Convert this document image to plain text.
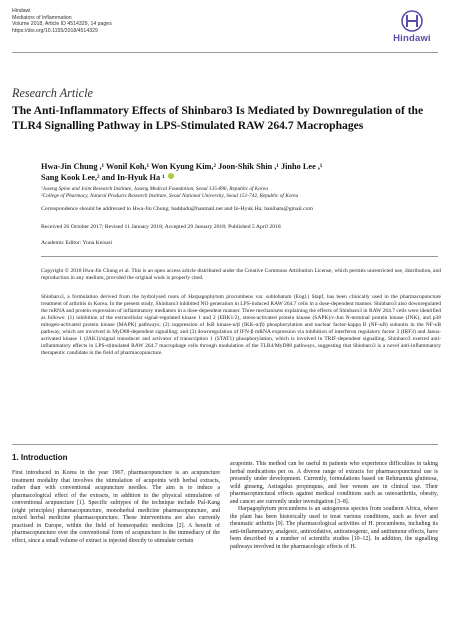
Hindawi
Mediators of Inflammation
Volume 2018, Article ID 4514329, 14 pages
https://doi.org/10.1155/2018/4514329
Hindawi
Research Article
The Anti-Inflammatory Effects of Shinbaro3 Is Mediated by Downregulation of the TLR4 Signalling Pathway in LPS-Stimulated RAW 264.7 Macrophages
Hwa-Jin Chung ,¹ Wonil Koh,¹ Won Kyung Kim,² Joon-Shik Shin ,¹ Jinho Lee ,¹
Sang Kook Lee,² and In-Hyuk Ha ¹
¹Jaseng Spine and Joint Research Institute, Jaseng Medical Foundation, Seoul 135-896, Republic of Korea
²College of Pharmacy, Natural Products Research Institute, Seoul National University, Seoul 151-742, Republic of Korea
Correspondence should be addressed to Hwa-Jin Chung; baddudu@hanmail.net and In-Hyuk Ha; hanihata@gmail.com
Received 26 October 2017; Revised 11 January 2018; Accepted 29 January 2018; Published 5 April 2018
Academic Editor: Yona Keisari
Copyright © 2018 Hwa-Jin Chung et al. This is an open access article distributed under the Creative Commons Attribution License, which permits unrestricted use, distribution, and reproduction in any medium, provided the original work is properly cited.
Shinbaro3, a formulation derived from the hydrolysed roots of Harpagophytum procumbens var. sublobatum (Engl.) Stapf, has been clinically used in the pharmacopuncture treatment of arthritis in Korea. In the present study, Shinbaro3 inhibited NO generation in LPS-induced RAW 264.7 cells in a dose-dependent manner. Shinbaro3 also downregulated the mRNA and protein expression of inflammatory mediators in a dose-dependent manner. Three mechanisms explaining the effects of Shinbaro3 in RAW 264.7 cells were identified as follows: (1) inhibition of the extracellular signal-regulated kinase 1 and 2 (ERK1/2), stress-activated protein kinase (SAPK)/c-Jun N-terminal protein kinase (JNK), and p38 mitogen-activated protein kinase (MAPK) pathways; (2) suppression of IκB kinase-α/β (IKK-α/β) phosphorylation and nuclear factor-kappa B (NF-κB) subunits in the NF-κB pathway, which are involved in MyD88-dependent signalling; and (3) downregulation of IFN-β mRNA expression via inhibition of interferon regulatory factor 3 (IRF3) and Janus-activated kinase 1 (JAK1)/signal transducer and activator of transcription 1 (STAT1) phosphorylation, which is involved in TRIF-dependent signalling. Shinbaro3 exerted anti-inflammatory effects in LPS-stimulated RAW 264.7 macrophage cells through modulation of the TLR4/MyD88 pathways, suggesting that Shinbaro3 is a novel anti-inflammatory therapeutic candidate in the field of pharmacopuncture.
1. Introduction

First introduced in Korea in the year 1967, pharmacopuncture is an acupuncture treatment modality that involves the stimulation of acupoints with herbal extracts, rather than with conventional acupuncture needles. The aim is to induce a pharmacological effect of the extracts, in addition to the physical stimulation of conventional acupuncture [1]. Specific subtypes of the technique include Pal-Kang (eight principles) pharmacopuncture, monoherbal medicine pharmacopuncture, and mixed herbal medicine pharmacopuncture. These interventions are also currently practised in Europe, within the field of homeopathic medicine [2]. A benefit of pharmacopuncture over the conventional form of acupuncture is the immediacy of the effect, since a small volume of extract is injected directly to stimulate certain

acupoints. This method can be useful in patients who experience difficulties in taking herbal medications per os. A diverse range of extracts for pharmacopunctural use is presently under development. Currently, formulations based on Rehmannia glutinosa, wild ginseng, Astragalus propinquus, and bee venom are in clinical use. Their pharmacopunctural effects against medical conditions such as osteoarthritis, obesity, and cancer are currently under investigation [3–8].

Harpagophytum procumbens is an autogenous species from southern Africa, where the plant has been historically used to treat various conditions, such as fever and rheumatic arthritis [9]. The pharmacological activities of H. procumbens, including its anti-inflammatory, analgesic, antioxidative, antiosteogenic, and antitumour effects, have been described in a number of scientific studies [10–12]. In addition, the signalling pathways involved in the pharmacologic effects of H.
